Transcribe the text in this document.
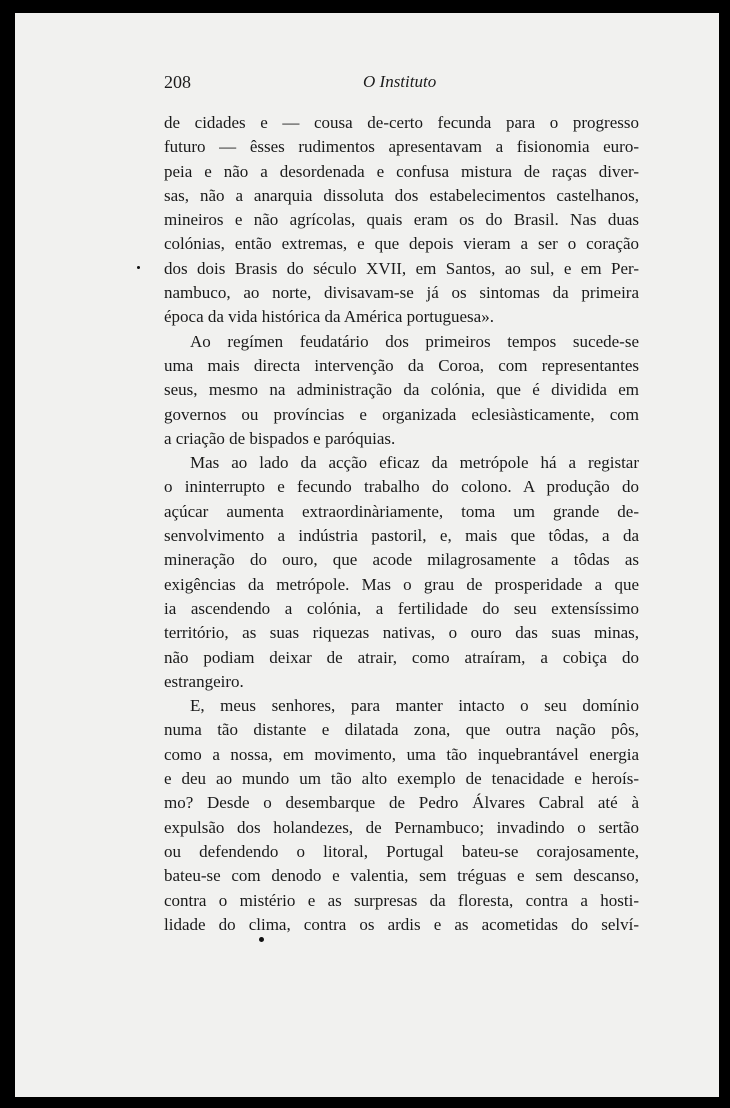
208	O Instituto

de cidades e — cousa de-certo fecunda para o progresso
futuro — êsses rudimentos apresentavam a fisionomia euro-
peia e não a desordenada e confusa mistura de raças diver-
sas, não a anarquia dissoluta dos estabelecimentos castelhanos,
mineiros e não agrícolas, quais eram os do Brasil. Nas duas
colónias, então extremas, e que depois vieram a ser o coração
dos dois Brasis do século XVII, em Santos, ao sul, e em Per-
nambuco, ao norte, divisavam-se já os sintomas da primeira
época da vida histórica da América portuguesa».

Ao regímen feudatário dos primeiros tempos sucede-se
uma mais directa intervenção da Coroa, com representantes
seus, mesmo na administração da colónia, que é dividida em
governos ou províncias e organizada eclesiàsticamente, com
a criação de bispados e paróquias.

Mas ao lado da acção eficaz da metrópole há a registar
o ininterrupto e fecundo trabalho do colono. A produção do
açúcar aumenta extraordinàriamente, toma um grande de-
senvolvimento a indústria pastoril, e, mais que tôdas, a da
mineração do ouro, que acode milagrosamente a tôdas as
exigências da metrópole. Mas o grau de prosperidade a que
ia ascendendo a colónia, a fertilidade do seu extensíssimo
território, as suas riquezas nativas, o ouro das suas minas,
não podiam deixar de atrair, como atraíram, a cobiça do
estrangeiro.

E, meus senhores, para manter intacto o seu domínio
numa tão distante e dilatada zona, que outra nação pôs,
como a nossa, em movimento, uma tão inquebrantável energia
e deu ao mundo um tão alto exemplo de tenacidade e heroís-
mo? Desde o desembarque de Pedro Álvares Cabral até à
expulsão dos holandezes, de Pernambuco; invadindo o sertão
ou defendendo o litoral, Portugal bateu-se corajosamente,
bateu-se com denodo e valentia, sem tréguas e sem descanso,
contra o mistério e as surpresas da floresta, contra a hosti-
lidade do clima, contra os ardis e as acometidas do selví-
